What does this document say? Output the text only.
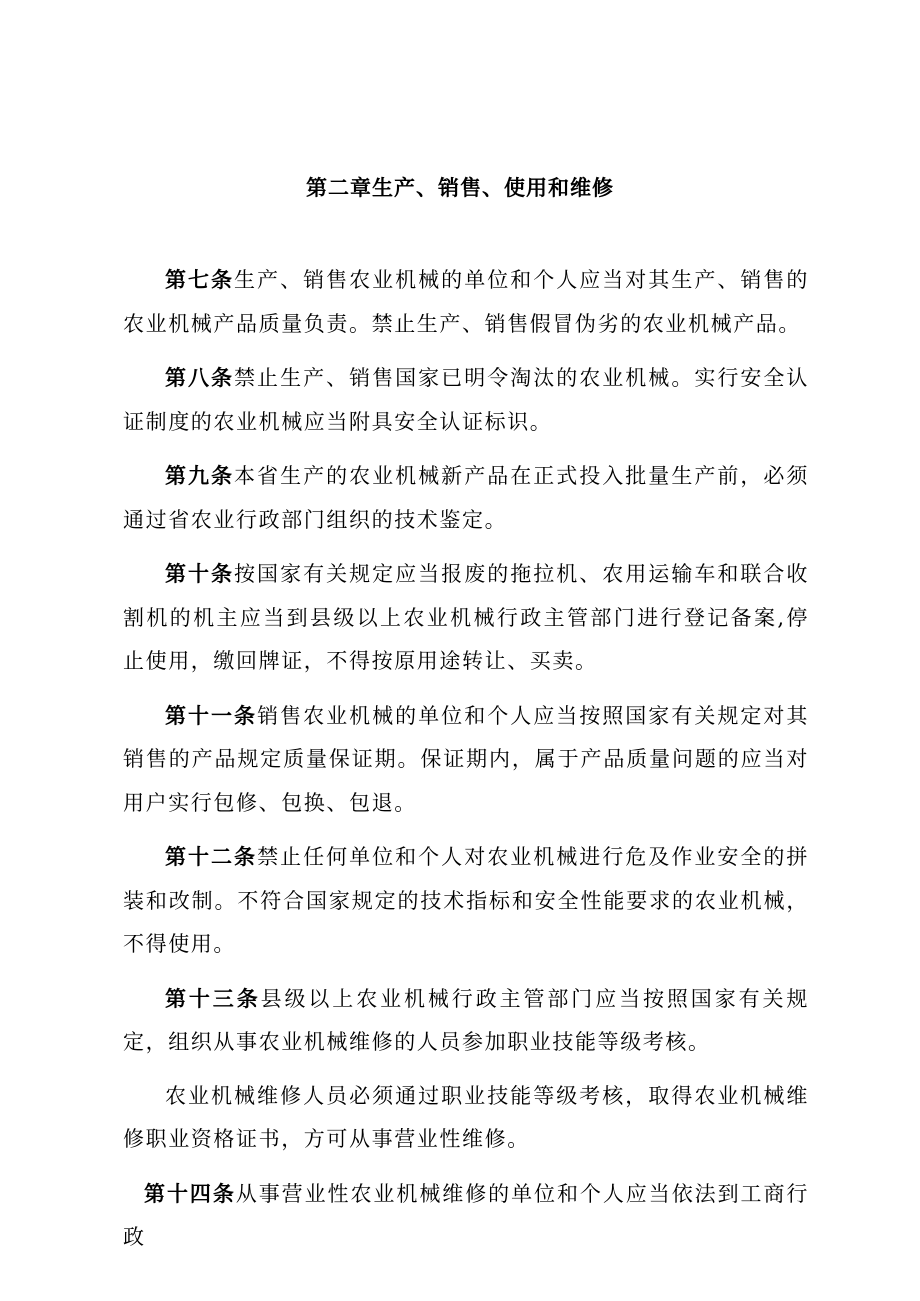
第二章生产、销售、使用和维修

第七条生产、销售农业机械的单位和个人应当对其生产、销售的农业机械产品质量负责。禁止生产、销售假冒伪劣的农业机械产品。

第八条禁止生产、销售国家已明令淘汰的农业机械。实行安全认证制度的农业机械应当附具安全认证标识。

第九条本省生产的农业机械新产品在正式投入批量生产前，必须通过省农业行政部门组织的技术鉴定。

第十条按国家有关规定应当报废的拖拉机、农用运输车和联合收割机的机主应当到县级以上农业机械行政主管部门进行登记备案,停止使用，缴回牌证，不得按原用途转让、买卖。

第十一条销售农业机械的单位和个人应当按照国家有关规定对其销售的产品规定质量保证期。保证期内，属于产品质量问题的应当对用户实行包修、包换、包退。

第十二条禁止任何单位和个人对农业机械进行危及作业安全的拼装和改制。不符合国家规定的技术指标和安全性能要求的农业机械，不得使用。

第十三条县级以上农业机械行政主管部门应当按照国家有关规定，组织从事农业机械维修的人员参加职业技能等级考核。

农业机械维修人员必须通过职业技能等级考核，取得农业机械维修职业资格证书，方可从事营业性维修。

第十四条从事营业性农业机械维修的单位和个人应当依法到工商行政
